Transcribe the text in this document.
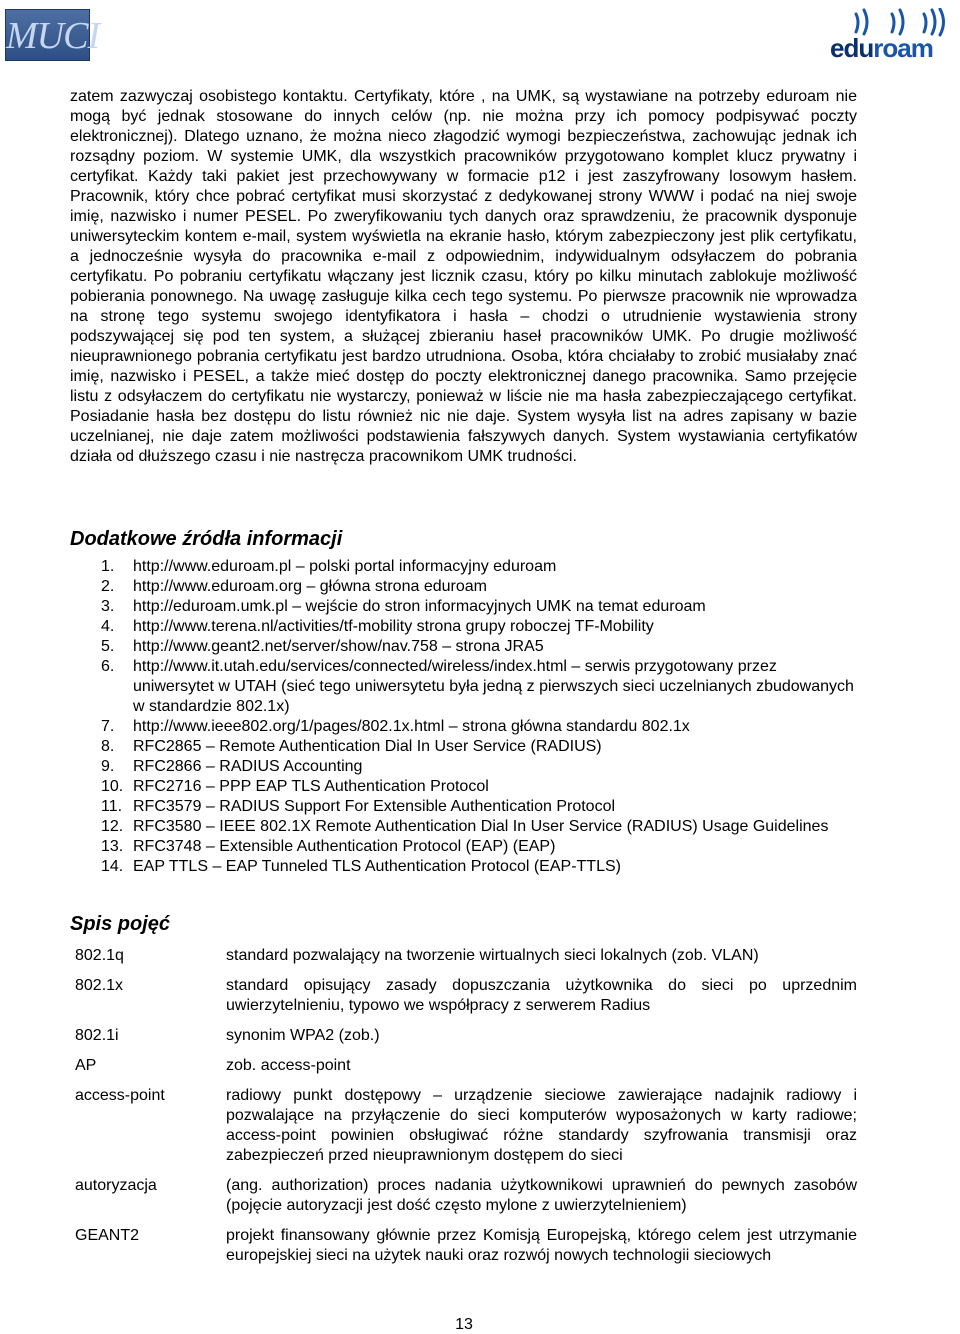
MUCI	eduroam

zatem zazwyczaj osobistego kontaktu. Certyfikaty, które , na UMK, są wystawiane na potrzeby eduroam nie mogą być jednak stosowane do innych celów (np. nie można przy ich pomocy podpisywać poczty elektronicznej). Dlatego uznano, że można nieco złagodzić wymogi bezpieczeństwa, zachowując jednak ich rozsądny poziom. W systemie UMK, dla wszystkich pracowników przygotowano komplet klucz prywatny i certyfikat. Każdy taki pakiet jest przechowywany w formacie p12 i jest zaszyfrowany losowym hasłem. Pracownik, który chce pobrać certyfikat musi skorzystać z dedykowanej strony WWW i podać na niej swoje imię, nazwisko i numer PESEL. Po zweryfikowaniu tych danych oraz sprawdzeniu, że pracownik dysponuje uniwersyteckim kontem e-mail, system wyświetla na ekranie hasło, którym zabezpieczony jest plik certyfikatu, a jednocześnie wysyła do pracownika e-mail z odpowiednim, indywidualnym odsyłaczem do pobrania certyfikatu. Po pobraniu certyfikatu włączany jest licznik czasu, który po kilku minutach zablokuje możliwość pobierania ponownego. Na uwagę zasługuje kilka cech tego systemu. Po pierwsze pracownik nie wprowadza na stronę tego systemu swojego identyfikatora i hasła – chodzi o utrudnienie wystawienia strony podszywającej się pod ten system, a służącej zbieraniu haseł pracowników UMK. Po drugie możliwość nieuprawnionego pobrania certyfikatu jest bardzo utrudniona. Osoba, która chciałaby to zrobić musiałaby znać imię, nazwisko i PESEL, a także mieć dostęp do poczty elektronicznej danego pracownika. Samo przejęcie listu z odsyłaczem do certyfikatu nie wystarczy, ponieważ w liście nie ma hasła zabezpieczającego certyfikat. Posiadanie hasła bez dostępu do listu również nic nie daje. System wysyła list na adres zapisany w bazie uczelnianej, nie daje zatem możliwości podstawienia fałszywych danych. System wystawiania certyfikatów działa od dłuższego czasu i nie nastręcza pracownikom UMK trudności.

Dodatkowe źródła informacji
1. http://www.eduroam.pl – polski portal informacyjny eduroam
2. http://www.eduroam.org – główna strona eduroam
3. http://eduroam.umk.pl – wejście do stron informacyjnych UMK na temat eduroam
4. http://www.terena.nl/activities/tf-mobility strona grupy roboczej TF-Mobility
5. http://www.geant2.net/server/show/nav.758 – strona JRA5
6. http://www.it.utah.edu/services/connected/wireless/index.html – serwis przygotowany przez uniwersytet w UTAH (sieć tego uniwersytetu była jedną z pierwszych sieci uczelnianych zbudowanych w standardzie 802.1x)
7. http://www.ieee802.org/1/pages/802.1x.html – strona główna standardu 802.1x
8. RFC2865 – Remote Authentication Dial In User Service (RADIUS)
9. RFC2866 – RADIUS Accounting
10. RFC2716 – PPP EAP TLS Authentication Protocol
11. RFC3579 – RADIUS Support For Extensible Authentication Protocol
12. RFC3580 – IEEE 802.1X Remote Authentication Dial In User Service (RADIUS) Usage Guidelines
13. RFC3748 – Extensible Authentication Protocol (EAP) (EAP)
14. EAP TTLS – EAP Tunneled TLS Authentication Protocol (EAP-TTLS)
Spis pojęć
802.1q	standard pozwalający na tworzenie wirtualnych sieci lokalnych (zob. VLAN)
802.1x	standard opisujący zasady dopuszczania użytkownika do sieci po uprzednim uwierzytelnieniu, typowo we współpracy z serwerem Radius
802.1i	synonim WPA2 (zob.)
AP	zob. access-point
access-point	radiowy punkt dostępowy – urządzenie sieciowe zawierające nadajnik radiowy i pozwalające na przyłączenie do sieci komputerów wyposażonych w karty radiowe; access-point powinien obsługiwać różne standardy szyfrowania transmisji oraz zabezpieczeń przed nieuprawnionym dostępem do sieci
autoryzacja	(ang. authorization) proces nadania użytkownikowi uprawnień do pewnych zasobów (pojęcie autoryzacji jest dość często mylone z uwierzytelnieniem)
GEANT2	projekt finansowany głównie przez Komisją Europejską, którego celem jest utrzymanie europejskiej sieci na użytek nauki oraz rozwój nowych technologii sieciowych
13
